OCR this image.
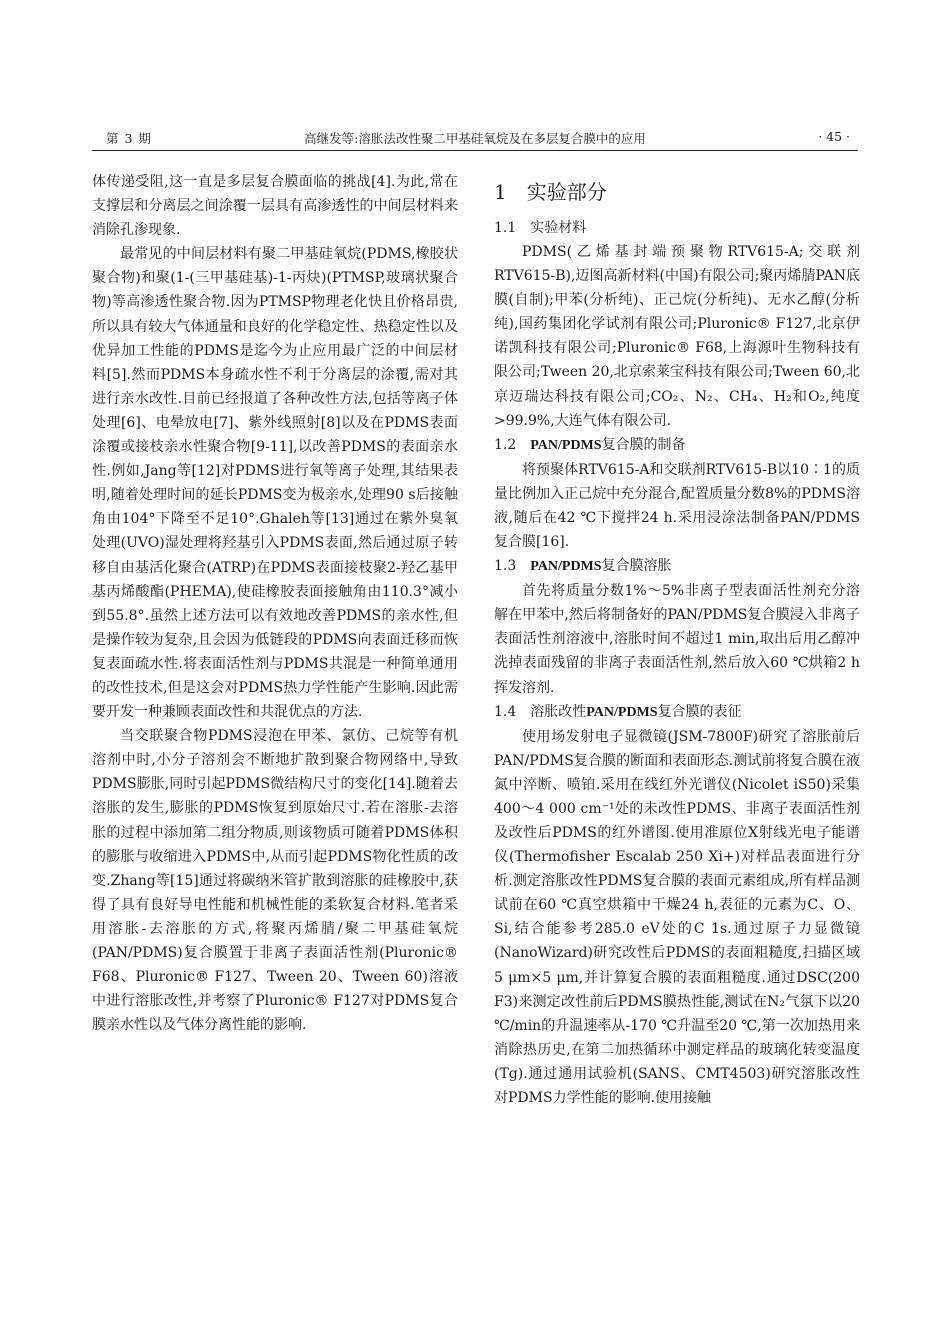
第 3 期	高继发等:溶胀法改性聚二甲基硅氧烷及在多层复合膜中的应用	· 45 ·

体传递受阻,这一直是多层复合膜面临的挑战[4].为此,常在支撑层和分离层之间涂覆一层具有高渗透性的中间层材料来消除孔渗现象.

最常见的中间层材料有聚二甲基硅氧烷(PDMS,橡胶状聚合物)和聚(1-(三甲基硅基)-1-丙炔)(PTMSP,玻璃状聚合物)等高渗透性聚合物.因为PTMSP物理老化快且价格昂贵,所以具有较大气体通量和良好的化学稳定性、热稳定性以及优异加工性能的PDMS是迄今为止应用最广泛的中间层材料[5].然而PDMS本身疏水性不利于分离层的涂覆,需对其进行亲水改性.目前已经报道了各种改性方法,包括等离子体处理[6]、电晕放电[7]、紫外线照射[8]以及在PDMS表面涂覆或接枝亲水性聚合物[9-11],以改善PDMS的表面亲水性.例如,Jang等[12]对PDMS进行氧等离子处理,其结果表明,随着处理时间的延长PDMS变为极亲水,处理90 s后接触角由104°下降至不足10°.Ghaleh等[13]通过在紫外臭氧处理(UVO)湿处理将羟基引入PDMS表面,然后通过原子转移自由基活化聚合(ATRP)在PDMS表面接枝聚2-羟乙基甲基丙烯酸酯(PHEMA),使硅橡胶表面接触角由110.3°减小到55.8°.虽然上述方法可以有效地改善PDMS的亲水性,但是操作较为复杂,且会因为低链段的PDMS向表面迁移而恢复表面疏水性.将表面活性剂与PDMS共混是一种简单通用的改性技术,但是这会对PDMS热力学性能产生影响.因此需要开发一种兼顾表面改性和共混优点的方法.

当交联聚合物PDMS浸泡在甲苯、氯仿、己烷等有机溶剂中时,小分子溶剂会不断地扩散到聚合物网络中,导致PDMS膨胀,同时引起PDMS微结构尺寸的变化[14].随着去溶胀的发生,膨胀的PDMS恢复到原始尺寸.若在溶胀-去溶胀的过程中添加第二组分物质,则该物质可随着PDMS体积的膨胀与收缩进入PDMS中,从而引起PDMS物化性质的改变.Zhang等[15]通过将碳纳米管扩散到溶胀的硅橡胶中,获得了具有良好导电性能和机械性能的柔软复合材料.笔者采用溶胀-去溶胀的方式,将聚丙烯腈/聚二甲基硅氧烷(PAN/PDMS)复合膜置于非离子表面活性剂(Pluronic® F68、Pluronic® F127、Tween 20、Tween 60)溶液中进行溶胀改性,并考察了Pluronic® F127对PDMS复合膜亲水性以及气体分离性能的影响.

1　实验部分
1.1　实验材料

PDMS(乙烯基封端预聚物RTV615-A;交联剂RTV615-B),迈图高新材料(中国)有限公司;聚丙烯腈PAN底膜(自制);甲苯(分析纯)、正己烷(分析纯)、无水乙醇(分析纯),国药集团化学试剂有限公司;Pluronic® F127,北京伊诺凯科技有限公司;Pluronic® F68,上海源叶生物科技有限公司;Tween 20,北京索莱宝科技有限公司;Tween 60,北京迈瑞达科技有限公司;CO₂、N₂、CH₄、H₂和O₂,纯度>99.9%,大连气体有限公司.

1.2　PAN/PDMS复合膜的制备

将预聚体RTV615-A和交联剂RTV615-B以10∶1的质量比例加入正己烷中充分混合,配置质量分数8%的PDMS溶液,随后在42 ℃下搅拌24 h.采用浸涂法制备PAN/PDMS复合膜[16].

1.3　PAN/PDMS复合膜溶胀

首先将质量分数1%～5%非离子型表面活性剂充分溶解在甲苯中,然后将制备好的PAN/PDMS复合膜浸入非离子表面活性剂溶液中,溶胀时间不超过1 min,取出后用乙醇冲洗掉表面残留的非离子表面活性剂,然后放入60 ℃烘箱2 h挥发溶剂.

1.4　溶胀改性PAN/PDMS复合膜的表征

使用场发射电子显微镜(JSM-7800F)研究了溶胀前后PAN/PDMS复合膜的断面和表面形态.测试前将复合膜在液氮中淬断、喷铂.采用在线红外光谱仪(Nicolet iS50)采集400～4 000 cm⁻¹处的未改性PDMS、非离子表面活性剂及改性后PDMS的红外谱图.使用准原位X射线光电子能谱仪(Thermofisher Escalab 250 Xi+)对样品表面进行分析.测定溶胀改性PDMS复合膜的表面元素组成,所有样品测试前在60 ℃真空烘箱中干燥24 h,表征的元素为C、O、Si,结合能参考285.0 eV处的C 1s.通过原子力显微镜(NanoWizard)研究改性后PDMS的表面粗糙度,扫描区域5 μm×5 μm,并计算复合膜的表面粗糙度.通过DSC(200 F3)来测定改性前后PDMS膜热性能,测试在N₂气氛下以20 ℃/min的升温速率从-170 ℃升温至20 ℃,第一次加热用来消除热历史,在第二加热循环中测定样品的玻璃化转变温度(Tg).通过通用试验机(SANS、CMT4503)研究溶胀改性对PDMS力学性能的影响.使用接触
